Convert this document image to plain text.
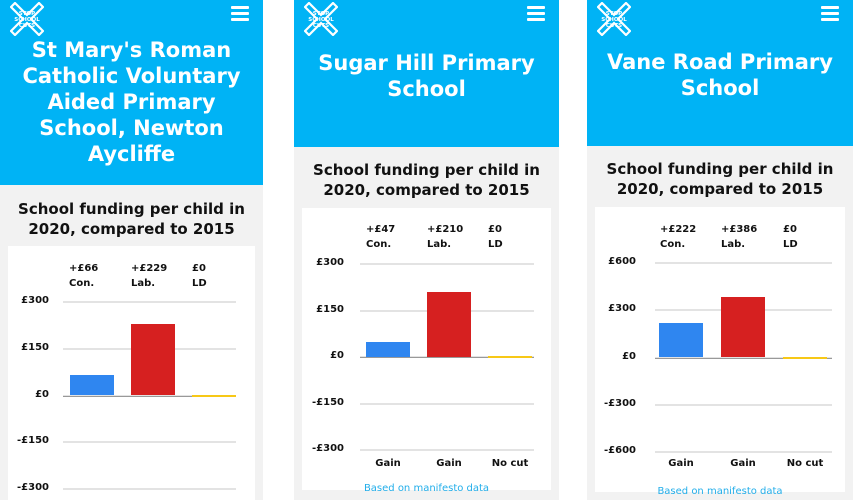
STOP
SCHOOL
CUTS
St Mary's Roman Catholic Voluntary Aided Primary School, Newton Aycliffe
School funding per child in 2020, compared to 2015
+£66
Con.
+£229
Lab.
£0
LD
£300
£150
£0
-£150
-£300
STOP
SCHOOL
CUTS
Sugar Hill Primary School
School funding per child in 2020, compared to 2015
+£47
Con.
+£210
Lab.
£0
LD
£300
£150
£0
-£150
-£300
Gain	Gain	No cut
Based on manifesto data
STOP
SCHOOL
CUTS
Vane Road Primary School
School funding per child in 2020, compared to 2015
+£222
Con.
+£386
Lab.
£0
LD
£600
£300
£0
-£300
-£600
Gain	Gain	No cut
Based on manifesto data
